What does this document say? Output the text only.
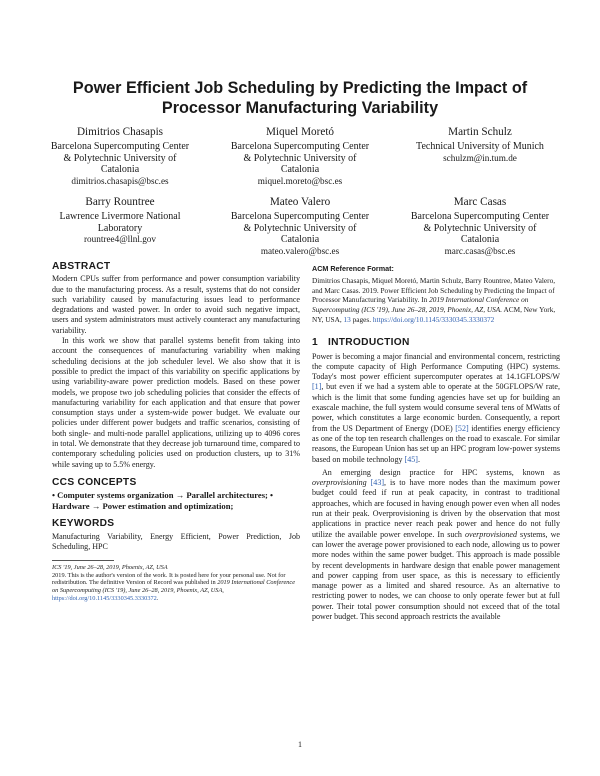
Power Efficient Job Scheduling by Predicting the Impact of Processor Manufacturing Variability
Dimitrios Chasapis
Barcelona Supercomputing Center
& Polytechnic University of
Catalonia
dimitrios.chasapis@bsc.es
Miquel Moretó
Barcelona Supercomputing Center
& Polytechnic University of
Catalonia
miquel.moreto@bsc.es
Martin Schulz
Technical University of Munich
schulzm@in.tum.de
Barry Rountree
Lawrence Livermore National
Laboratory
rountree4@llnl.gov
Mateo Valero
Barcelona Supercomputing Center
& Polytechnic University of
Catalonia
mateo.valero@bsc.es
Marc Casas
Barcelona Supercomputing Center
& Polytechnic University of
Catalonia
marc.casas@bsc.es
ABSTRACT

Modern CPUs suffer from performance and power consumption variability due to the manufacturing process. As a result, systems that do not consider such variability caused by manufacturing issues lead to performance degradations and wasted power. In order to avoid such negative impact, users and system administrators must actively counteract any manufacturing variability.

In this work we show that parallel systems benefit from taking into account the consequences of manufacturing variability when making scheduling decisions at the job scheduler level. We also show that it is possible to predict the impact of this variability on specific applications by using variability-aware power prediction models. Based on these power models, we propose two job scheduling policies that consider the effects of manufacturing variability for each application and that ensure that power consumption stays under a system-wide power budget. We evaluate our policies under different power budgets and traffic scenarios, consisting of both single- and multi-node parallel applications, utilizing up to 4096 cores in total. We demonstrate that they decrease job turnaround time, compared to contemporary scheduling policies used on production clusters, up to 31% while saving up to 5.5% energy.

CCS CONCEPTS

• Computer systems organization → Parallel architectures; • Hardware → Power estimation and optimization;

KEYWORDS

Manufacturing Variability, Energy Efficient, Power Prediction, Job Scheduling, HPC

ICS '19, June 26–28, 2019, Phoenix, AZ, USA
2019. This is the author's version of the work. It is posted here for your personal use. Not for redistribution. The definitive Version of Record was published in 2019 International Conference on Supercomputing (ICS '19), June 26–28, 2019, Phoenix, AZ, USA, https://doi.org/10.1145/3330345.3330372.
ACM Reference Format:

Dimitrios Chasapis, Miquel Moretó, Martin Schulz, Barry Rountree, Mateo Valero, and Marc Casas. 2019. Power Efficient Job Scheduling by Predicting the Impact of Processor Manufacturing Variability. In 2019 International Conference on Supercomputing (ICS '19), June 26–28, 2019, Phoenix, AZ, USA. ACM, New York, NY, USA, 13 pages. https://doi.org/10.1145/3330345.3330372

1 INTRODUCTION

Power is becoming a major financial and environmental concern, restricting the compute capacity of High Performance Computing (HPC) systems. Today's most power efficient supercomputer operates at 14.1GFLOPS/W [1], but even if we had a system able to operate at the 50GFLOPS/W rate, which is the limit that some funding agencies have set up for building an exascale machine, the full system would consume several tens of MWatts of power, which constitutes a large economic burden. Consequently, a report from the US Department of Energy (DOE) [52] identifies energy efficiency as one of the top ten research challenges on the road to exascale. For similar reasons, the European Union has set up an HPC program low-power systems based on mobile technology [45].

An emerging design practice for HPC systems, known as overprovisioning [43], is to have more nodes than the maximum power budget could feed if run at peak capacity, in contrast to traditional approaches, which are focused in having enough power even when all nodes run at their peak. Overprovisioning is driven by the observation that most applications in practice never reach peak power and hence do not fully utilize the available power envelope. In such overprovisioned systems, we can lower the average power provisioned to each node, allowing us to power more nodes within the same power budget. This approach is made possible by recent developments in hardware design that enable power management and power capping from user space, as this is necessary to efficiently manage power as a limited and shared resource. As an alternative to restricting power to nodes, we can choose to only operate fewer but at full power. Their total power consumption should not exceed that of the total power budget. This second approach restricts the available

1
